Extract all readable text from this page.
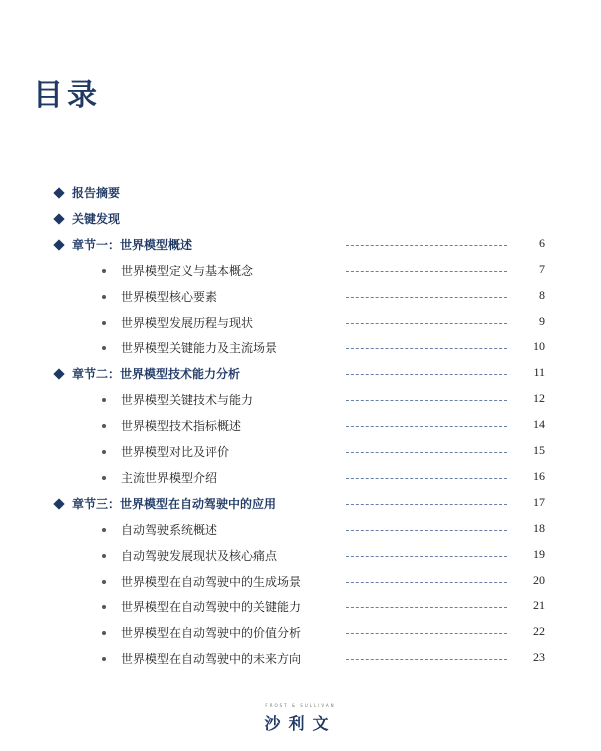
目录
报告摘要
关键发现
章节一：世界模型概述	6
世界模型定义与基本概念	7
世界模型核心要素	8
世界模型发展历程与现状	9
世界模型关键能力及主流场景	10
章节二：世界模型技术能力分析	11
世界模型关键技术与能力	12
世界模型技术指标概述	14
世界模型对比及评价	15
主流世界模型介绍	16
章节三：世界模型在自动驾驶中的应用	17
自动驾驶系统概述	18
自动驾驶发展现状及核心痛点	19
世界模型在自动驾驶中的生成场景	20
世界模型在自动驾驶中的关键能力	21
世界模型在自动驾驶中的价值分析	22
世界模型在自动驾驶中的未来方向	23
FROST & SULLIVAN
沙利文
